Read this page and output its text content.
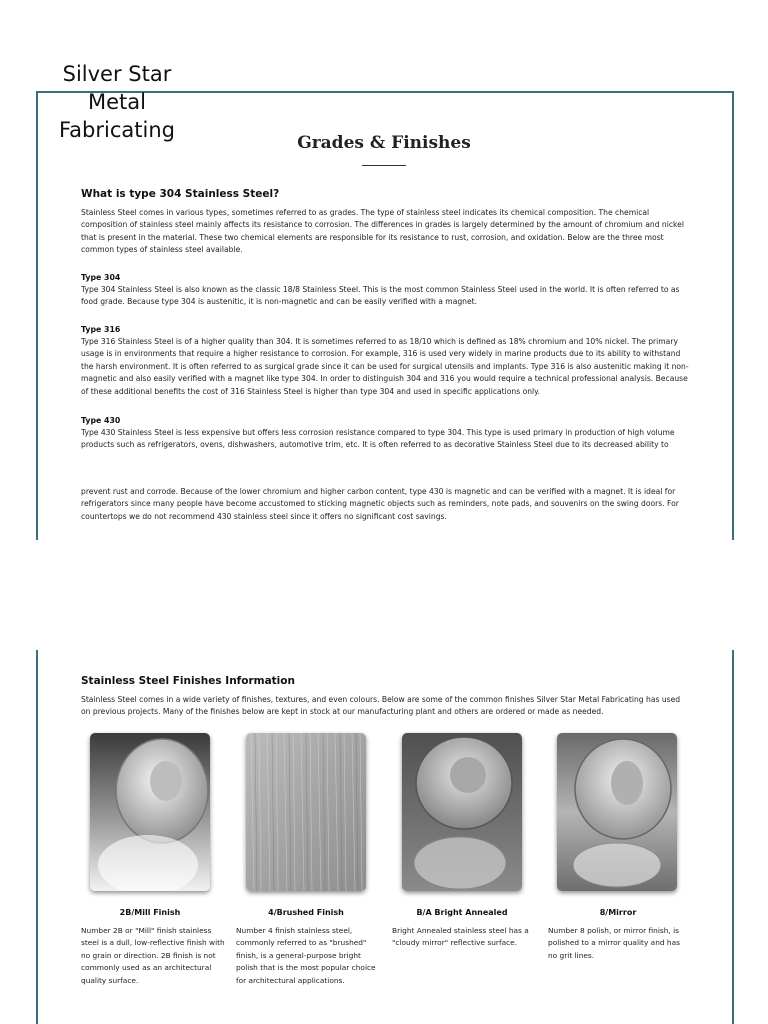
Silver Star
Metal
Fabricating
Grades & Finishes
What is type 304 Stainless Steel?
Stainless Steel comes in various types, sometimes referred to as grades. The type of stainless steel indicates its chemical composition. The chemical composition of stainless steel mainly affects its resistance to corrosion. The differences in grades is largely determined by the amount of chromium and nickel that is present in the material. These two chemical elements are responsible for its resistance to rust, corrosion, and oxidation. Below are the three most common types of stainless steel available.
Type 304
Type 304 Stainless Steel is also known as the classic 18/8 Stainless Steel. This is the most common Stainless Steel used in the world. It is often referred to as food grade. Because type 304 is austenitic, it is non-magnetic and can be easily verified with a magnet.
Type 316
Type 316 Stainless Steel is of a higher quality than 304. It is sometimes referred to as 18/10 which is defined as 18% chromium and 10% nickel. The primary usage is in environments that require a higher resistance to corrosion. For example, 316 is used very widely in marine products due to its ability to withstand the harsh environment. It is often referred to as surgical grade since it can be used for surgical utensils and implants. Type 316 is also austenitic making it non-magnetic and also easily verified with a magnet like type 304. In order to distinguish 304 and 316 you would require a technical professional analysis. Because of these additional benefits the cost of 316 Stainless Steel is higher than type 304 and used in specific applications only.
Type 430
Type 430 Stainless Steel is less expensive but offers less corrosion resistance compared to type 304. This type is used primary in production of high volume products such as refrigerators, ovens, dishwashers, automotive trim, etc. It is often referred to as decorative Stainless Steel due to its decreased ability to
prevent rust and corrode. Because of the lower chromium and higher carbon content, type 430 is magnetic and can be verified with a magnet. It is ideal for refrigerators since many people have become accustomed to sticking magnetic objects such as reminders, note pads, and souvenirs on the swing doors. For countertops we do not recommend 430 stainless steel since it offers no significant cost savings.
Stainless Steel Finishes Information
Stainless Steel comes in a wide variety of finishes, textures, and even colours. Below are some of the common finishes Silver Star Metal Fabricating has used on previous projects. Many of the finishes below are kept in stock at our manufacturing plant and others are ordered or made as needed.
2B/Mill Finish
Number 2B or "Mill" finish stainless steel is a dull, low-reflective finish with no grain or direction. 2B finish is not commonly used as an architectural quality surface.
4/Brushed Finish
Number 4 finish stainless steel, commonly referred to as "brushed" finish, is a general-purpose bright polish that is the most popular choice for architectural applications.
B/A Bright Annealed
Bright Annealed stainless steel has a "cloudy mirror" reflective surface.
8/Mirror
Number 8 polish, or mirror finish, is polished to a mirror quality and has no grit lines.
